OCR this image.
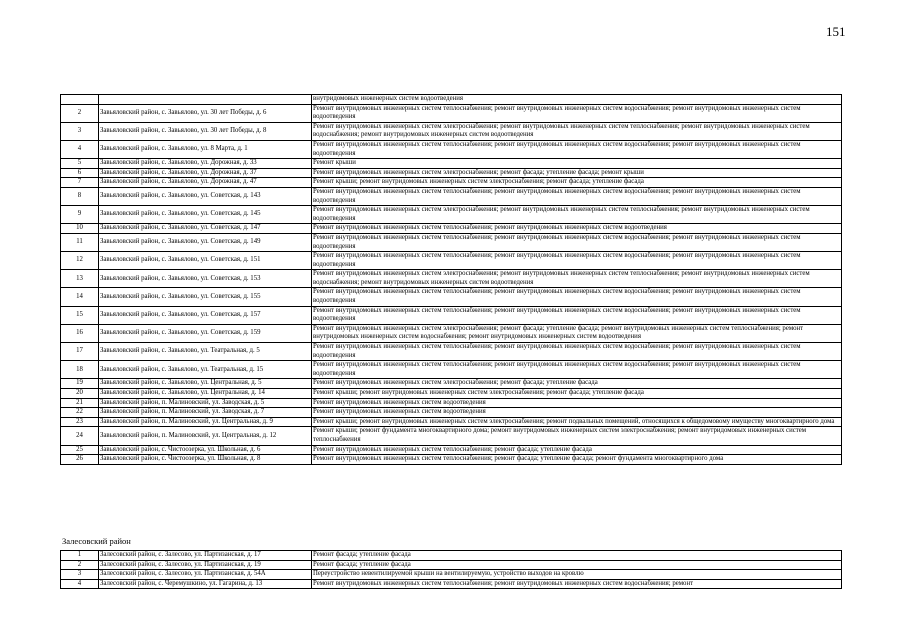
151
		внутридомовых инженерных систем водоотведения
2	Завьяловский район, с. Завьялово, ул. 30 лет Победы, д. 6	Ремонт внутридомовых инженерных систем теплоснабжения; ремонт внутридомовых инженерных систем водоснабжения; ремонт внутридомовых инженерных систем водоотведения
3	Завьяловский район, с. Завьялово, ул. 30 лет Победы, д. 8	Ремонт внутридомовых инженерных систем электроснабжения; ремонт внутридомовых инженерных систем теплоснабжения; ремонт внутридомовых инженерных систем водоснабжения; ремонт внутридомовых инженерных систем водоотведения
4	Завьяловский район, с. Завьялово, ул. 8 Марта, д. 1	Ремонт внутридомовых инженерных систем теплоснабжения; ремонт внутридомовых инженерных систем водоснабжения; ремонт внутридомовых инженерных систем водоотведения
5	Завьяловский район, с. Завьялово, ул. Дорожная, д. 33	Ремонт крыши
6	Завьяловский район, с. Завьялово, ул. Дорожная, д. 37	Ремонт внутридомовых инженерных систем электроснабжения; ремонт фасада; утепление фасада; ремонт крыши
7	Завьяловский район, с. Завьялово, ул. Дорожная, д. 47	Ремонт крыши; ремонт внутридомовых инженерных систем электроснабжения; ремонт фасада; утепление фасада
8	Завьяловский район, с. Завьялово, ул. Советская, д. 143	Ремонт внутридомовых инженерных систем теплоснабжения; ремонт внутридомовых инженерных систем водоснабжения; ремонт внутридомовых инженерных систем водоотведения
9	Завьяловский район, с. Завьялово, ул. Советская, д. 145	Ремонт внутридомовых инженерных систем электроснабжения; ремонт внутридомовых инженерных систем теплоснабжения; ремонт внутридомовых инженерных систем водоотведения
10	Завьяловский район, с. Завьялово, ул. Советская, д. 147	Ремонт внутридомовых инженерных систем теплоснабжения; ремонт внутридомовых инженерных систем водоотведения
11	Завьяловский район, с. Завьялово, ул. Советская, д. 149	Ремонт внутридомовых инженерных систем теплоснабжения; ремонт внутридомовых инженерных систем водоснабжения; ремонт внутридомовых инженерных систем водоотведения
12	Завьяловский район, с. Завьялово, ул. Советская, д. 151	Ремонт внутридомовых инженерных систем теплоснабжения; ремонт внутридомовых инженерных систем водоснабжения; ремонт внутридомовых инженерных систем водоотведения
13	Завьяловский район, с. Завьялово, ул. Советская, д. 153	Ремонт внутридомовых инженерных систем электроснабжения; ремонт внутридомовых инженерных систем теплоснабжения; ремонт внутридомовых инженерных систем водоснабжения; ремонт внутридомовых инженерных систем водоотведения
14	Завьяловский район, с. Завьялово, ул. Советская, д. 155	Ремонт внутридомовых инженерных систем теплоснабжения; ремонт внутридомовых инженерных систем водоснабжения; ремонт внутридомовых инженерных систем водоотведения
15	Завьяловский район, с. Завьялово, ул. Советская, д. 157	Ремонт внутридомовых инженерных систем теплоснабжения; ремонт внутридомовых инженерных систем водоснабжения; ремонт внутридомовых инженерных систем водоотведения
16	Завьяловский район, с. Завьялово, ул. Советская, д. 159	Ремонт внутридомовых инженерных систем электроснабжения; ремонт фасада; утепление фасада; ремонт внутридомовых инженерных систем теплоснабжения; ремонт внутридомовых инженерных систем водоснабжения; ремонт внутридомовых инженерных систем водоотведения
17	Завьяловский район, с. Завьялово, ул. Театральная, д. 5	Ремонт внутридомовых инженерных систем теплоснабжения; ремонт внутридомовых инженерных систем водоснабжения; ремонт внутридомовых инженерных систем водоотведения
18	Завьяловский район, с. Завьялово, ул. Театральная, д. 15	Ремонт внутридомовых инженерных систем теплоснабжения; ремонт внутридомовых инженерных систем водоснабжения; ремонт внутридомовых инженерных систем водоотведения
19	Завьяловский район, с. Завьялово, ул. Центральная, д. 5	Ремонт внутридомовых инженерных систем электроснабжения; ремонт фасада; утепление фасада
20	Завьяловский район, с. Завьялово, ул. Центральная, д. 14	Ремонт крыши; ремонт внутридомовых инженерных систем электроснабжения; ремонт фасада; утепление фасада
21	Завьяловский район, п. Малиновский, ул. Заводская, д. 5	Ремонт внутридомовых инженерных систем водоотведения
22	Завьяловский район, п. Малиновский, ул. Заводская, д. 7	Ремонт внутридомовых инженерных систем водоотведения
23	Завьяловский район, п. Малиновский, ул. Центральная, д. 9	Ремонт крыши; ремонт внутридомовых инженерных систем электроснабжения; ремонт подвальных помещений, относящихся к общедомовому имуществу многоквартирного дома
24	Завьяловский район, п. Малиновский, ул. Центральная, д. 12	Ремонт крыши; ремонт фундамента многоквартирного дома; ремонт внутридомовых инженерных систем электроснабжения; ремонт внутридомовых инженерных систем теплоснабжения
25	Завьяловский район, с. Чистоозерка, ул. Школьная, д. 6	Ремонт внутридомовых инженерных систем теплоснабжения; ремонт фасада; утепление фасада
26	Завьяловский район, с. Чистоозерка, ул. Школьная, д. 8	Ремонт внутридомовых инженерных систем теплоснабжения; ремонт фасада; утепление фасада; ремонт фундамента многоквартирного дома
Залесовский район
1	Залесовский район, с. Залесово, ул. Партизанская, д. 17	Ремонт фасада; утепление фасада
2	Залесовский район, с. Залесово, ул. Партизанская, д. 19	Ремонт фасада; утепление фасада
3	Залесовский район, с. Залесово, ул. Партизанская, д. 54А	Переустройство невентилируемой крыши на вентилируемую, устройство выходов на кровлю
4	Залесовский район, с. Черемушкино, ул. Гагарина, д. 13	Ремонт внутридомовых инженерных систем теплоснабжения; ремонт внутридомовых инженерных систем водоснабжения; ремонт
